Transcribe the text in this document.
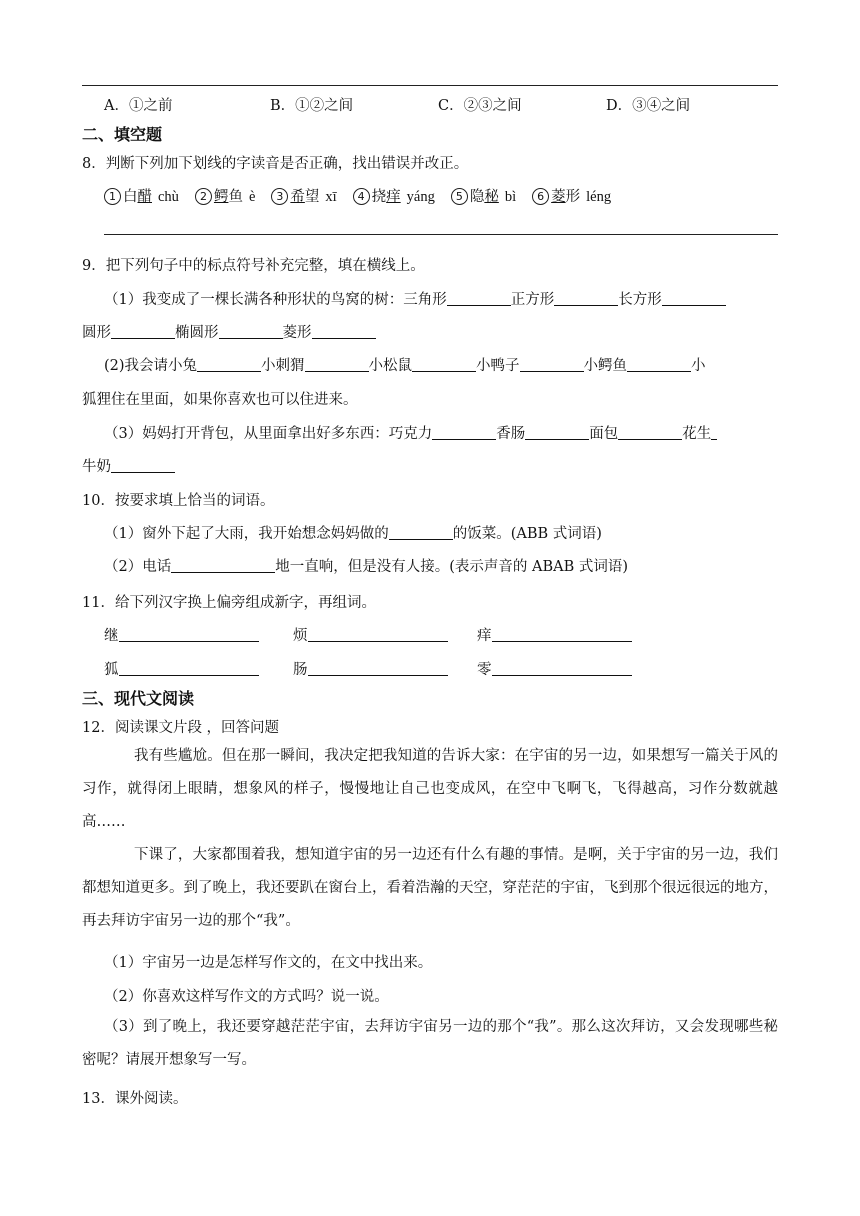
A．①之前	B．①②之间	C．②③之间	D．③④之间
二、填空题
8．判断下列加下划线的字读音是否正确，找出错误并改正。
1 白醋 chù 2 鳄鱼 è 3 希望 xī 4 挠痒 yáng 5 隐秘 bì 6 菱形 léng
9．把下列句子中的标点符号补充完整，填在横线上。
（1）我变成了一棵长满各种形状的鸟窝的树：三角形	正方形	长方形
圆形	椭圆形	菱形
(2)我会请小兔	小刺猬	小松鼠	小鸭子	小鳄鱼	小
狐狸住在里面，如果你喜欢也可以住进来。
（3）妈妈打开背包，从里面拿出好多东西：巧克力	香肠	面包	花生
牛奶
10．按要求填上恰当的词语。
（1）窗外下起了大雨，我开始想念妈妈做的	的饭菜。(ABB 式词语)
（2）电话	地一直响，但是没有人接。(表示声音的 ABAB 式词语)
11．给下列汉字换上偏旁组成新字，再组词。
继	烦	痒
狐	肠	零
三、现代文阅读
12．阅读课文片段 ，回答问题
我有些尴尬。但在那一瞬间，我决定把我知道的告诉大家：在宇宙的另一边，如果想写一篇关于风的习作，就得闭上眼睛，想象风的样子，慢慢地让自己也变成风，在空中飞啊飞，飞得越高，习作分数就越高……
下课了，大家都围着我，想知道宇宙的另一边还有什么有趣的事情。是啊，关于宇宙的另一边，我们都想知道更多。到了晚上，我还要趴在窗台上，看着浩瀚的天空，穿茫茫的宇宙，飞到那个很远很远的地方，再去拜访宇宙另一边的那个“我”。
（1）宇宙另一边是怎样写作文的，在文中找出来。
（2）你喜欢这样写作文的方式吗？说一说。
（3）到了晚上，我还要穿越茫茫宇宙，去拜访宇宙另一边的那个“我”。那么这次拜访，又会发现哪些秘密呢？请展开想象写一写。
13．课外阅读。
